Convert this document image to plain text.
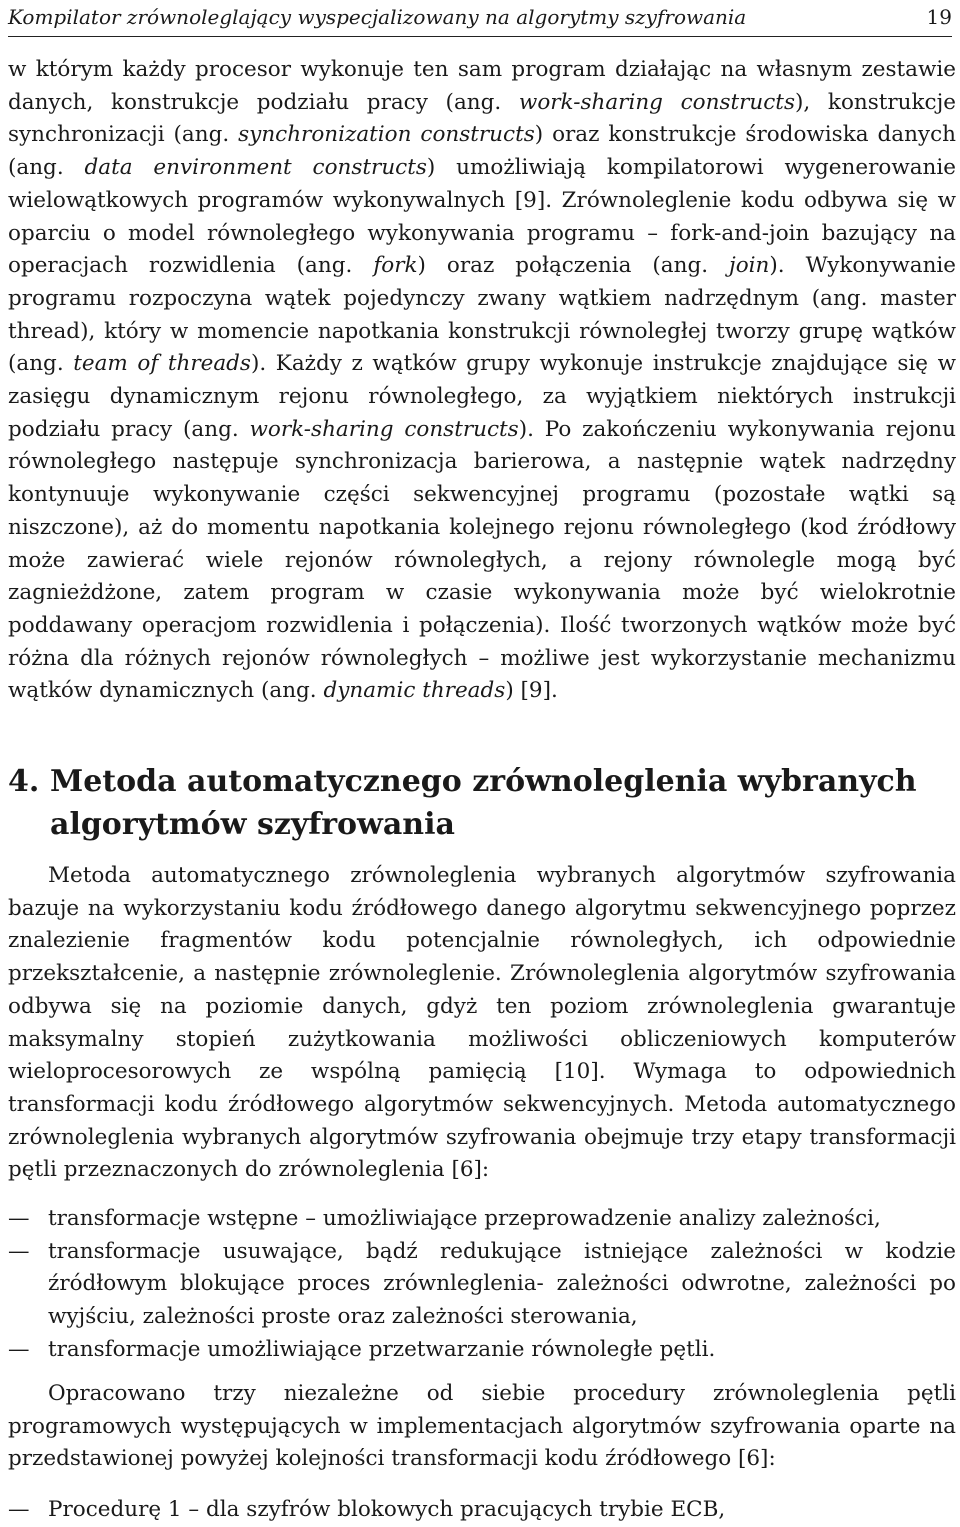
Kompilator zrównoleglający wyspecjalizowany na algorytmy szyfrowania	19
w którym każdy procesor wykonuje ten sam program działając na własnym zestawie danych, konstrukcje podziału pracy (ang. work-sharing constructs), konstrukcje synchronizacji (ang. synchronization constructs) oraz konstrukcje środowiska danych (ang. data environment constructs) umożliwiają kompilatorowi wygenerowanie wielowątkowych programów wykonywalnych [9]. Zrównoleglenie kodu odbywa się w oparciu o model równoległego wykonywania programu – fork-and-join bazujący na operacjach rozwidlenia (ang. fork) oraz połączenia (ang. join). Wykonywanie programu rozpoczyna wątek pojedynczy zwany wątkiem nadrzędnym (ang. master thread), który w momencie napotkania konstrukcji równoległej tworzy grupę wątków (ang. team of threads). Każdy z wątków grupy wykonuje instrukcje znajdujące się w zasięgu dynamicznym rejonu równoległego, za wyjątkiem niektórych instrukcji podziału pracy (ang. work-sharing constructs). Po zakończeniu wykonywania rejonu równoległego następuje synchronizacja barierowa, a następnie wątek nadrzędny kontynuuje wykonywanie części sekwencyjnej programu (pozostałe wątki są niszczone), aż do momentu napotkania kolejnego rejonu równoległego (kod źródłowy może zawierać wiele rejonów równoległych, a rejony równolegle mogą być zagnieżdżone, zatem program w czasie wykonywania może być wielokrotnie poddawany operacjom rozwidlenia i połączenia). Ilość tworzonych wątków może być różna dla różnych rejonów równoległych – możliwe jest wykorzystanie mechanizmu wątków dynamicznych (ang. dynamic threads) [9].
4. Metoda automatycznego zrównoleglenia wybranych
algorytmów szyfrowania
Metoda automatycznego zrównoleglenia wybranych algorytmów szyfrowania bazuje na wykorzystaniu kodu źródłowego danego algorytmu sekwencyjnego poprzez znalezienie fragmentów kodu potencjalnie równoległych, ich odpowiednie przekształcenie, a następnie zrównoleglenie. Zrównoleglenia algorytmów szyfrowania odbywa się na poziomie danych, gdyż ten poziom zrównoleglenia gwarantuje maksymalny stopień zużytkowania możliwości obliczeniowych komputerów wieloprocesorowych ze wspólną pamięcią [10]. Wymaga to odpowiednich transformacji kodu źródłowego algorytmów sekwencyjnych. Metoda automatycznego zrównoleglenia wybranych algorytmów szyfrowania obejmuje trzy etapy transformacji pętli przeznaczonych do zrównoleglenia [6]:
— transformacje wstępne – umożliwiające przeprowadzenie analizy zależności,
— transformacje usuwające, bądź redukujące istniejące zależności w kodzie źródłowym blokujące proces zrównleglenia- zależności odwrotne, zależności po wyjściu, zależności proste oraz zależności sterowania,
— transformacje umożliwiające przetwarzanie równoległe pętli.
Opracowano trzy niezależne od siebie procedury zrównoleglenia pętli programowych występujących w implementacjach algorytmów szyfrowania oparte na przedstawionej powyżej kolejności transformacji kodu źródłowego [6]:
— Procedurę 1 – dla szyfrów blokowych pracujących trybie ECB,
